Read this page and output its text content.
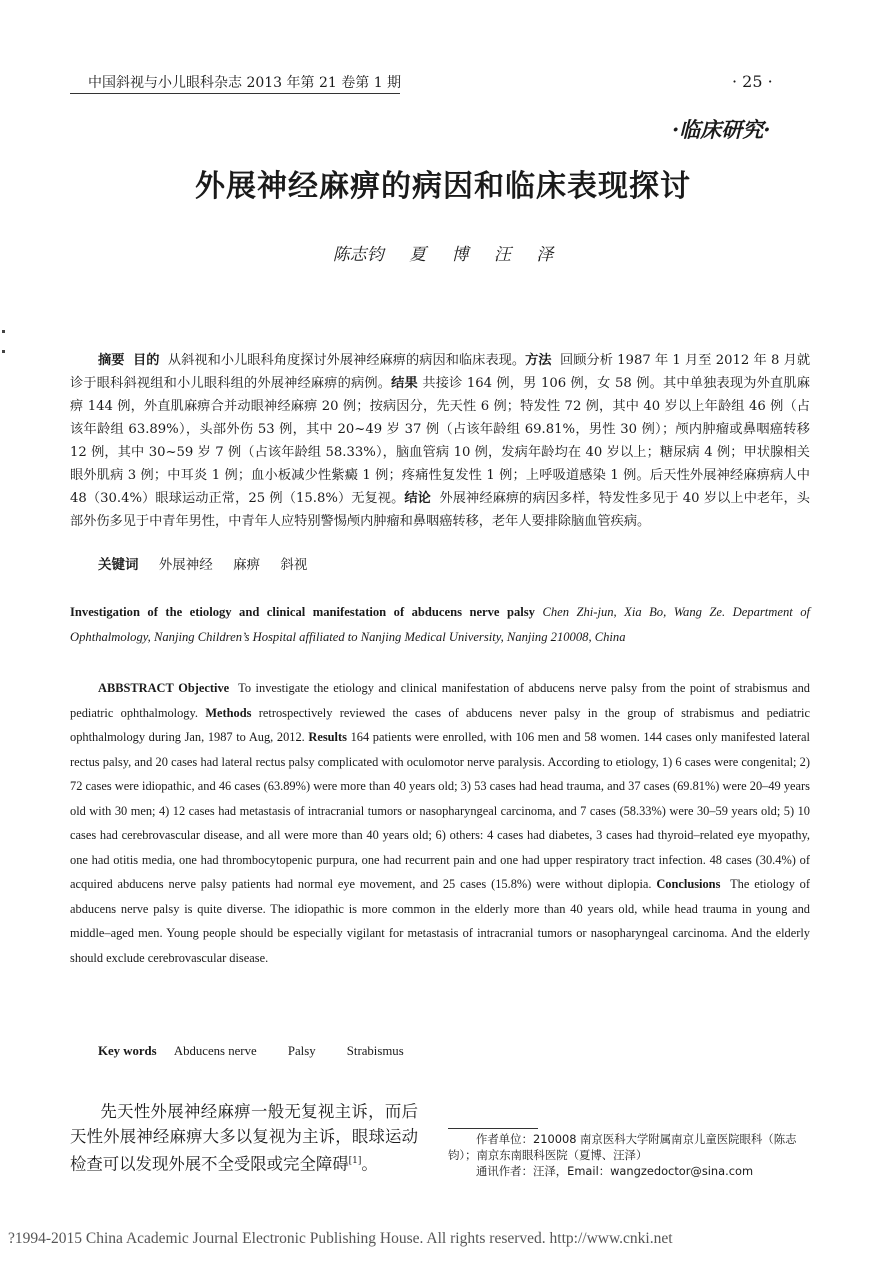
中国斜视与小儿眼科杂志 2013 年第 21 卷第 1 期	· 25 ·
·临床研究·
外展神经麻痹的病因和临床表现探讨
陈志钧 夏 博 汪 泽
摘要 目的 从斜视和小儿眼科角度探讨外展神经麻痹的病因和临床表现。方法 回顾分析 1987 年 1 月至 2012 年 8 月就诊于眼科斜视组和小儿眼科组的外展神经麻痹的病例。结果 共接诊 164 例，男 106 例，女 58 例。其中单独表现为外直肌麻痹 144 例，外直肌麻痹合并动眼神经麻痹 20 例；按病因分，先天性 6 例；特发性 72 例，其中 40 岁以上年龄组 46 例（占该年龄组 63.89%），头部外伤 53 例，其中 20~49 岁 37 例（占该年龄组 69.81%，男性 30 例）；颅内肿瘤或鼻咽癌转移 12 例，其中 30~59 岁 7 例（占该年龄组 58.33%），脑血管病 10 例，发病年龄均在 40 岁以上；糖尿病 4 例；甲状腺相关眼外肌病 3 例；中耳炎 1 例；血小板减少性紫癜 1 例；疼痛性复发性 1 例；上呼吸道感染 1 例。后天性外展神经麻痹病人中 48（30.4%）眼球运动正常，25 例（15.8%）无复视。结论 外展神经麻痹的病因多样，特发性多见于 40 岁以上中老年，头部外伤多见于中青年男性，中青年人应特别警惕颅内肿瘤和鼻咽癌转移，老年人要排除脑血管疾病。
关键词 外展神经 麻痹 斜视
Investigation of the etiology and clinical manifestation of abducens nerve palsy Chen Zhi-jun, Xia Bo, Wang Ze. Department of Ophthalmology, Nanjing Children’s Hospital affiliated to Nanjing Medical University, Nanjing 210008, China
ABBSTRACT Objective To investigate the etiology and clinical manifestation of abducens nerve palsy from the point of strabismus and pediatric ophthalmology. Methods retrospectively reviewed the cases of abducens never palsy in the group of strabismus and pediatric ophthalmology during Jan, 1987 to Aug, 2012. Results 164 patients were enrolled, with 106 men and 58 women. 144 cases only manifested lateral rectus palsy, and 20 cases had lateral rectus palsy complicated with oculomotor nerve paralysis. According to etiology, 1) 6 cases were congenital; 2) 72 cases were idiopathic, and 46 cases (63.89%) were more than 40 years old; 3) 53 cases had head trauma, and 37 cases (69.81%) were 20–49 years old with 30 men; 4) 12 cases had metastasis of intracranial tumors or nasopharyngeal carcinoma, and 7 cases (58.33%) were 30–59 years old; 5) 10 cases had cerebrovascular disease, and all were more than 40 years old; 6) others: 4 cases had diabetes, 3 cases had thyroid–related eye myopathy, one had otitis media, one had thrombocytopenic purpura, one had recurrent pain and one had upper respiratory tract infection. 48 cases (30.4%) of acquired abducens nerve palsy patients had normal eye movement, and 25 cases (15.8%) were without diplopia. Conclusions The etiology of abducens nerve palsy is quite diverse. The idiopathic is more common in the elderly more than 40 years old, while head trauma in young and middle–aged men. Young people should be especially vigilant for metastasis of intracranial tumors or nasopharyngeal carcinoma. And the elderly should exclude cerebrovascular disease.
Key words Abducens nerve Palsy Strabismus
先天性外展神经麻痹一般无复视主诉，而后天性外展神经麻痹大多以复视为主诉，眼球运动检查可以发现外展不全受限或完全障碍[1]。
作者单位：210008 南京医科大学附属南京儿童医院眼科（陈志钧）；南京东南眼科医院（夏博、汪泽）
通讯作者：汪泽，Email：wangzedoctor@sina.com
?1994-2015 China Academic Journal Electronic Publishing House. All rights reserved. http://www.cnki.net
